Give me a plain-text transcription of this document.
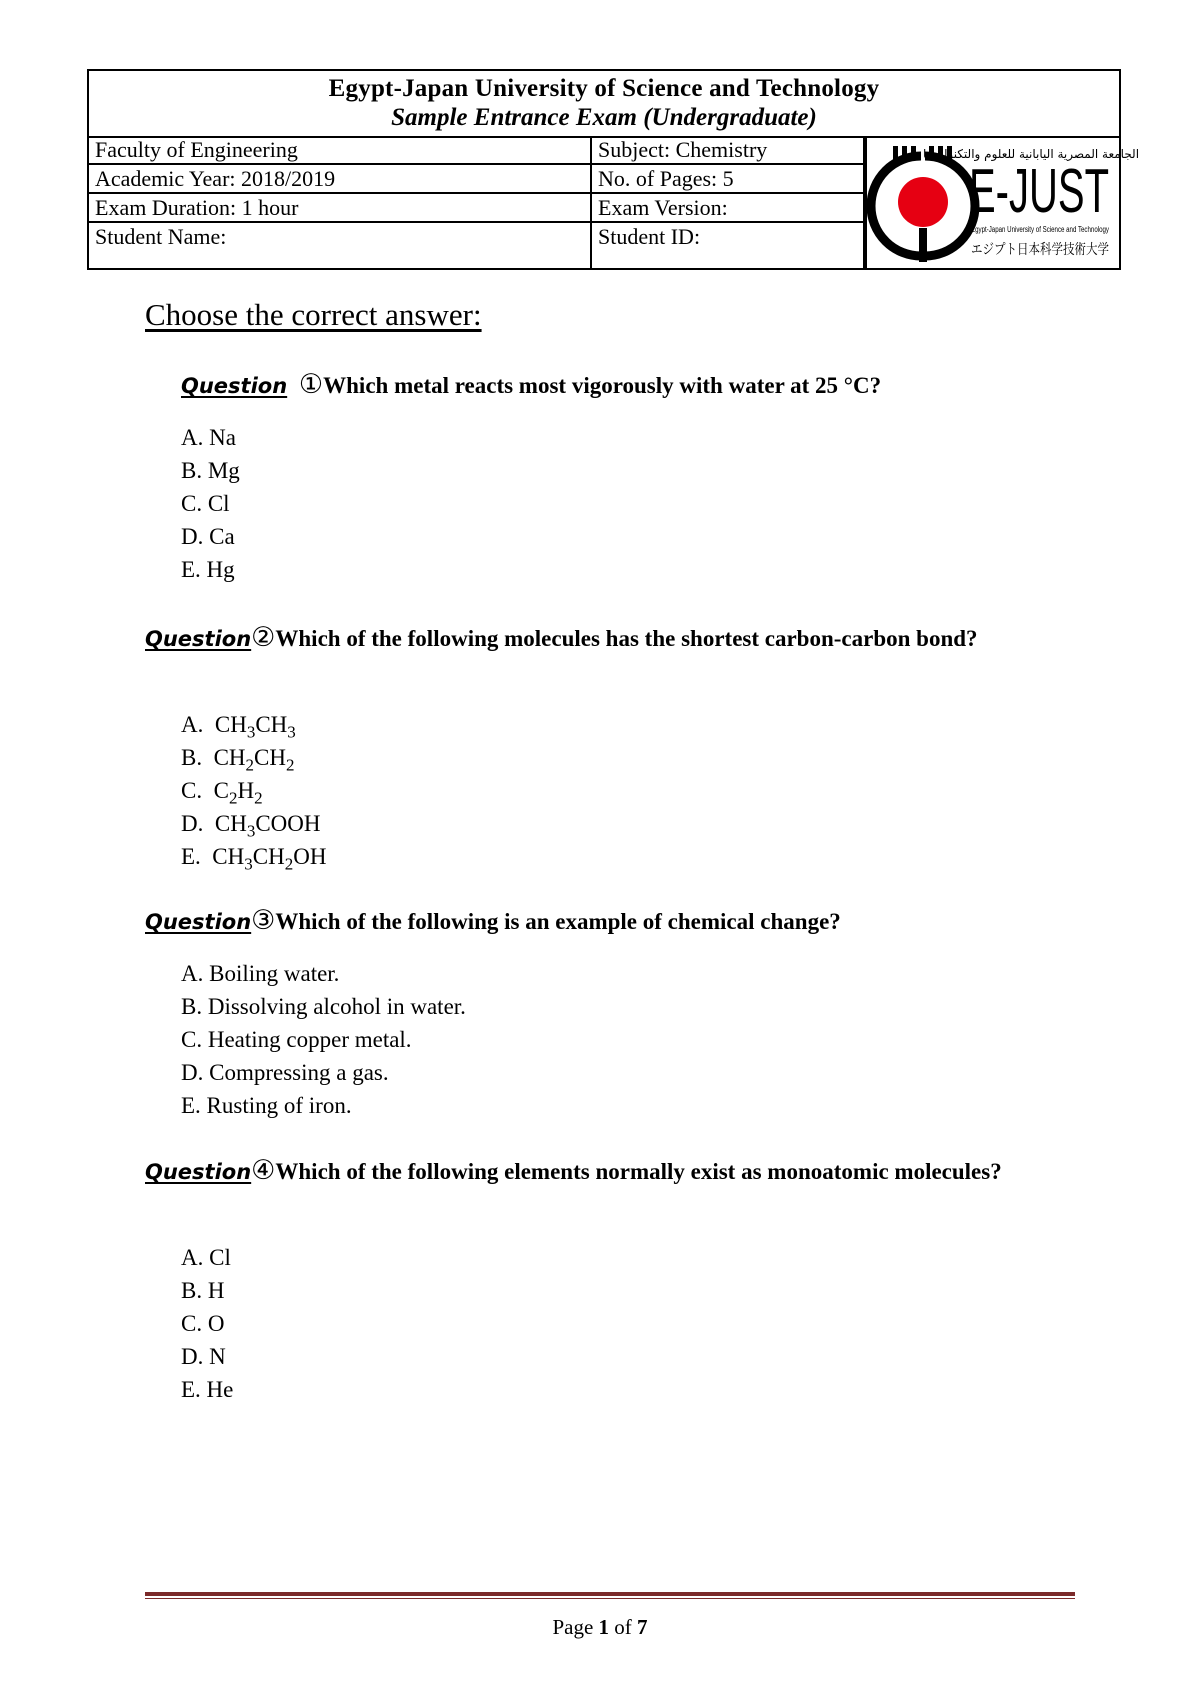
Egypt-Japan University of Science and Technology
Sample Entrance Exam (Undergraduate)
Faculty of Engineering	Subject: Chemistry
Academic Year: 2018/2019	No. of Pages: 5
Exam Duration: 1 hour	Exam Version:
Student Name:	Student ID:
الجامعة المصرية اليابانية للعلوم والتكنولوجيا
E-JUST
Egypt-Japan University of Science and Technology
エジプト日本科学技術大学
Choose the correct answer:
Question ①Which metal reacts most vigorously with water at 25 °C?
A. Na
B. Mg
C. Cl
D. Ca
E. Hg
Question②Which of the following molecules has the shortest carbon-carbon bond?
A.  $CH_3CH_3$
B.  $CH_2CH_2$
C.  $C_2H_2$
D.  $CH_3COOH$
E.  $CH_3CH_2OH$
Question③Which of the following is an example of chemical change?
A. Boiling water.
B. Dissolving alcohol in water.
C. Heating copper metal.
D. Compressing a gas.
E. Rusting of iron.
Question④Which of the following elements normally exist as monoatomic molecules?
A. Cl
B. H
C. O
D. N
E. He
Page 1 of 7
